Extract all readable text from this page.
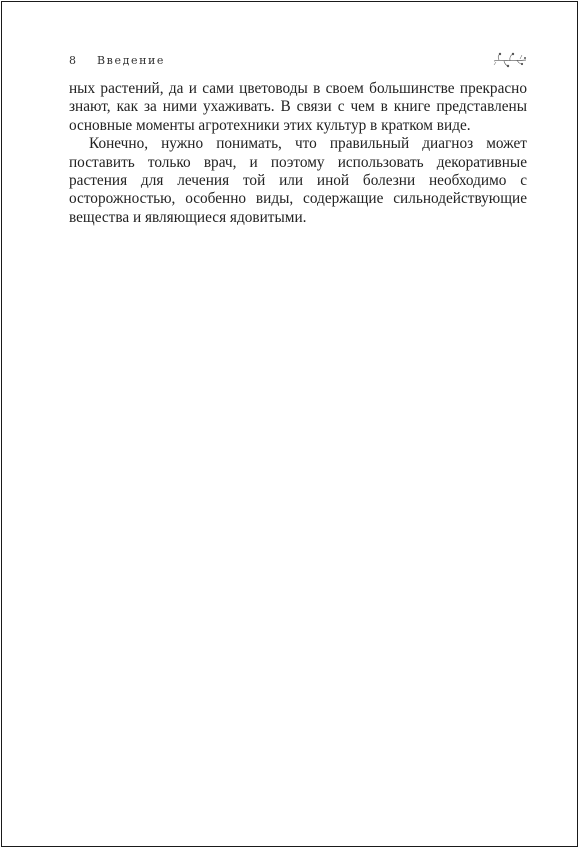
8	Введение

ных растений, да и сами цветоводы в своем большинстве прекрасно знают, как за ними ухаживать. В связи с чем в книге представлены основные моменты агротехники этих культур в кратком виде.

Конечно, нужно понимать, что правильный диагноз может поставить только врач, и поэтому использовать декоративные растения для лечения той или иной болезни необходимо с осторожностью, особенно виды, содержащие сильнодействующие вещества и являющиеся ядовитыми.
